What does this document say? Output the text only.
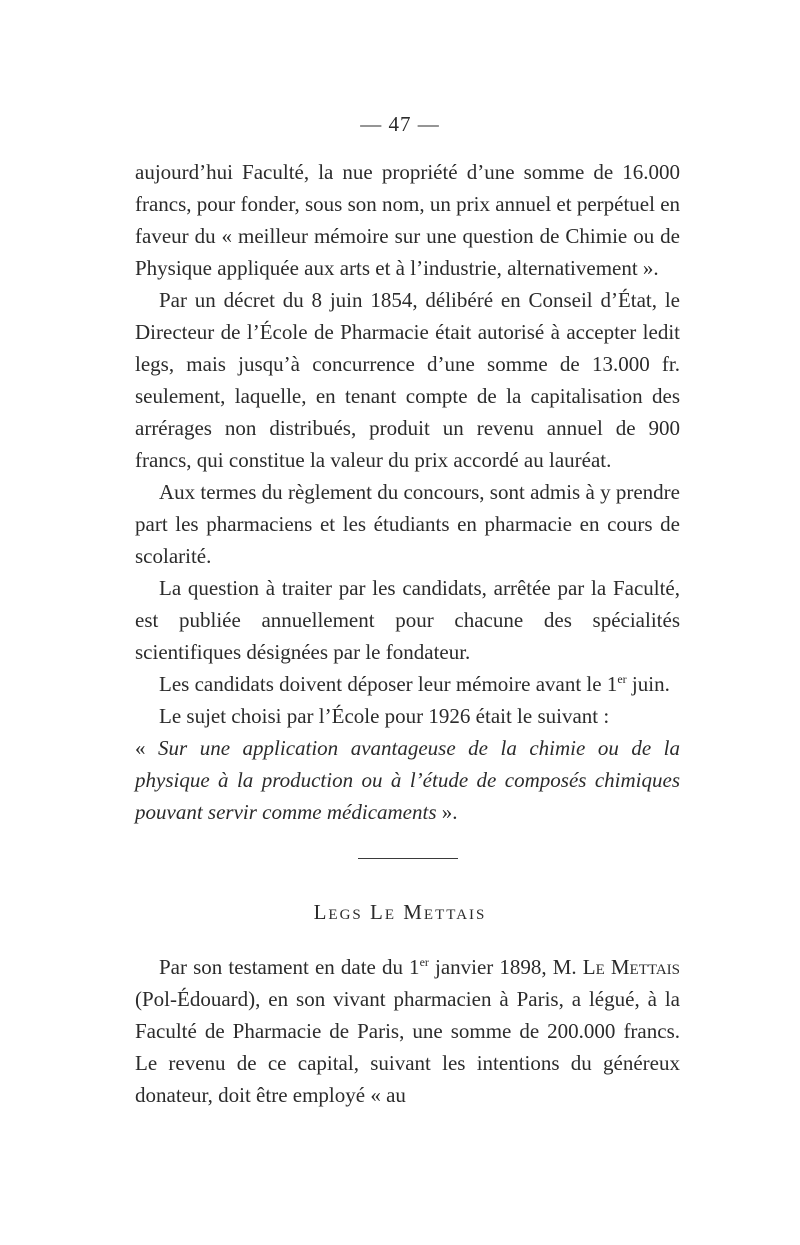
— 47 —

aujourd’hui Faculté, la nue propriété d’une somme de 16.000 francs, pour fonder, sous son nom, un prix annuel et perpétuel en faveur du « meilleur mémoire sur une question de Chimie ou de Physique appliquée aux arts et à l’industrie, alternativement ».

Par un décret du 8 juin 1854, délibéré en Conseil d’État, le Directeur de l’École de Pharmacie était autorisé à accepter ledit legs, mais jusqu’à concurrence d’une somme de 13.000 fr. seulement, laquelle, en tenant compte de la capitalisation des arrérages non distribués, produit un revenu annuel de 900 francs, qui constitue la valeur du prix accordé au lauréat.

Aux termes du règlement du concours, sont admis à y prendre part les pharmaciens et les étudiants en pharmacie en cours de scolarité.

La question à traiter par les candidats, arrêtée par la Faculté, est publiée annuellement pour chacune des spécialités scientifiques désignées par le fondateur.

Les candidats doivent déposer leur mémoire avant le 1er juin.

Le sujet choisi par l’École pour 1926 était le suivant :

« Sur une application avantageuse de la chimie ou de la physique à la production ou à l’étude de composés chimiques pouvant servir comme médicaments ».

Legs Le Mettais

Par son testament en date du 1er janvier 1898, M. Le Mettais (Pol-Édouard), en son vivant pharmacien à Paris, a légué, à la Faculté de Pharmacie de Paris, une somme de 200.000 francs. Le revenu de ce capital, suivant les intentions du généreux donateur, doit être employé « au
